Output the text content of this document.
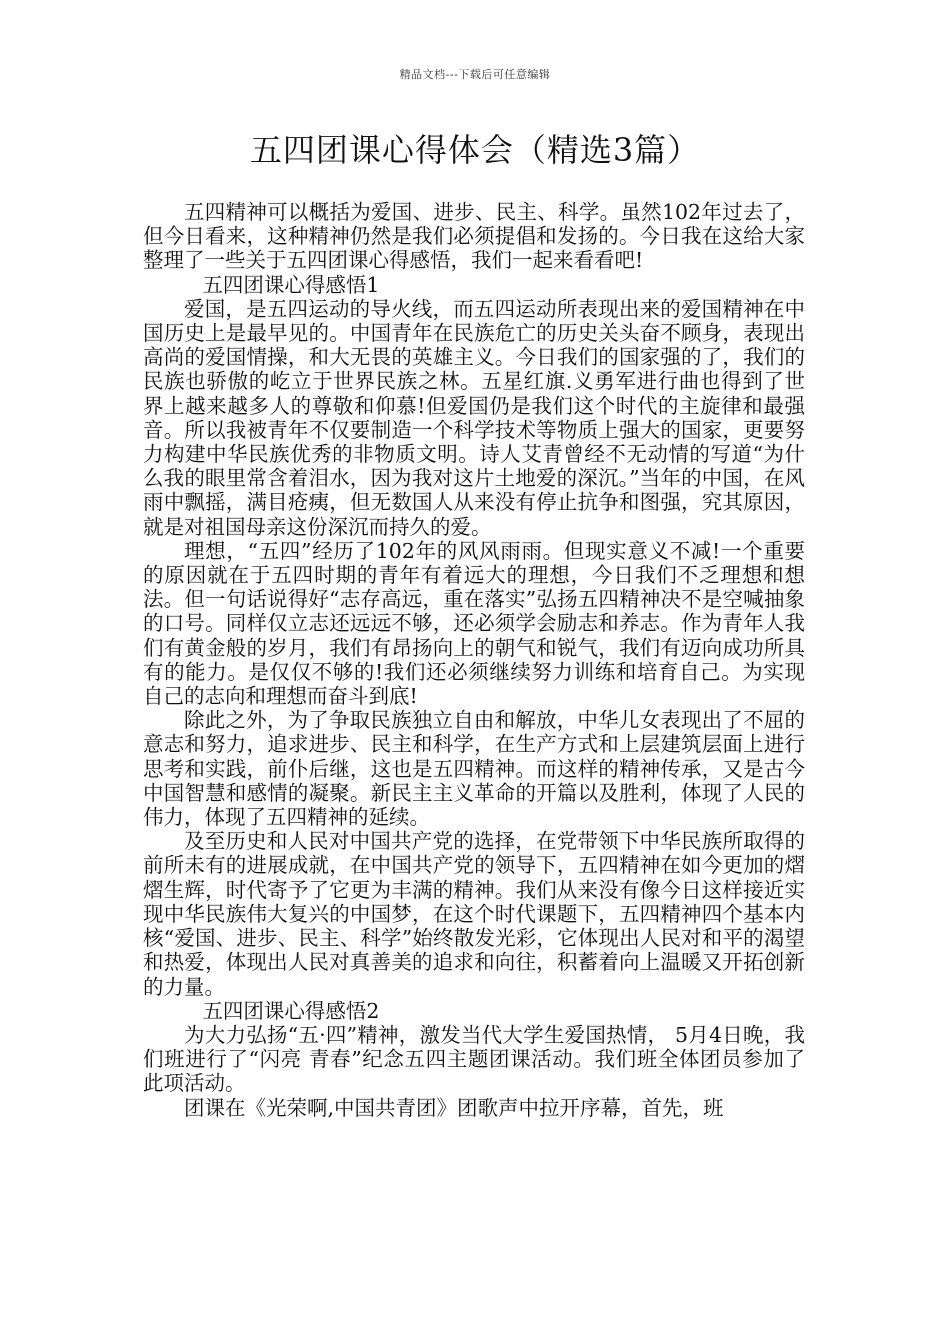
精品文档---下载后可任意编辑
五四团课心得体会（精选3篇）

五四精神可以概括为爱国、进步、民主、科学。虽然102年过去了，但今日看来，这种精神仍然是我们必须提倡和发扬的。今日我在这给大家整理了一些关于五四团课心得感悟，我们一起来看看吧!

五四团课心得感悟1

爱国，是五四运动的导火线，而五四运动所表现出来的爱国精神在中国历史上是最早见的。中国青年在民族危亡的历史关头奋不顾身，表现出高尚的爱国情操，和大无畏的英雄主义。今日我们的国家强的了，我们的民族也骄傲的屹立于世界民族之林。五星红旗.义勇军进行曲也得到了世界上越来越多人的尊敬和仰慕!但爱国仍是我们这个时代的主旋律和最强音。所以我被青年不仅要制造一个科学技术等物质上强大的国家，更要努力构建中华民族优秀的非物质文明。诗人艾青曾经不无动情的写道“为什么我的眼里常含着泪水，因为我对这片土地爱的深沉。”当年的中国，在风雨中飘摇，满目疮痍，但无数国人从来没有停止抗争和图强，究其原因，就是对祖国母亲这份深沉而持久的爱。

理想，“五四”经历了102年的风风雨雨。但现实意义不减!一个重要的原因就在于五四时期的青年有着远大的理想，今日我们不乏理想和想法。但一句话说得好“志存高远，重在落实”弘扬五四精神决不是空喊抽象的口号。同样仅立志还远远不够，还必须学会励志和养志。作为青年人我们有黄金般的岁月，我们有昂扬向上的朝气和锐气，我们有迈向成功所具有的能力。是仅仅不够的!我们还必须继续努力训练和培育自己。为实现自己的志向和理想而奋斗到底!

除此之外，为了争取民族独立自由和解放，中华儿女表现出了不屈的意志和努力，追求进步、民主和科学，在生产方式和上层建筑层面上进行思考和实践，前仆后继，这也是五四精神。而这样的精神传承，又是古今中国智慧和感情的凝聚。新民主主义革命的开篇以及胜利，体现了人民的伟力，体现了五四精神的延续。

及至历史和人民对中国共产党的选择，在党带领下中华民族所取得的前所未有的进展成就，在中国共产党的领导下，五四精神在如今更加的熠熠生辉，时代寄予了它更为丰满的精神。我们从来没有像今日这样接近实现中华民族伟大复兴的中国梦，在这个时代课题下，五四精神四个基本内核“爱国、进步、民主、科学”始终散发光彩，它体现出人民对和平的渴望和热爱，体现出人民对真善美的追求和向往，积蓄着向上温暖又开拓创新的力量。

五四团课心得感悟2

为大力弘扬“五·四”精神，激发当代大学生爱国热情， 5月4日晚，我们班进行了“闪亮 青春”纪念五四主题团课活动。我们班全体团员参加了此项活动。

团课在《光荣啊,中国共青团》团歌声中拉开序幕，首先，班
